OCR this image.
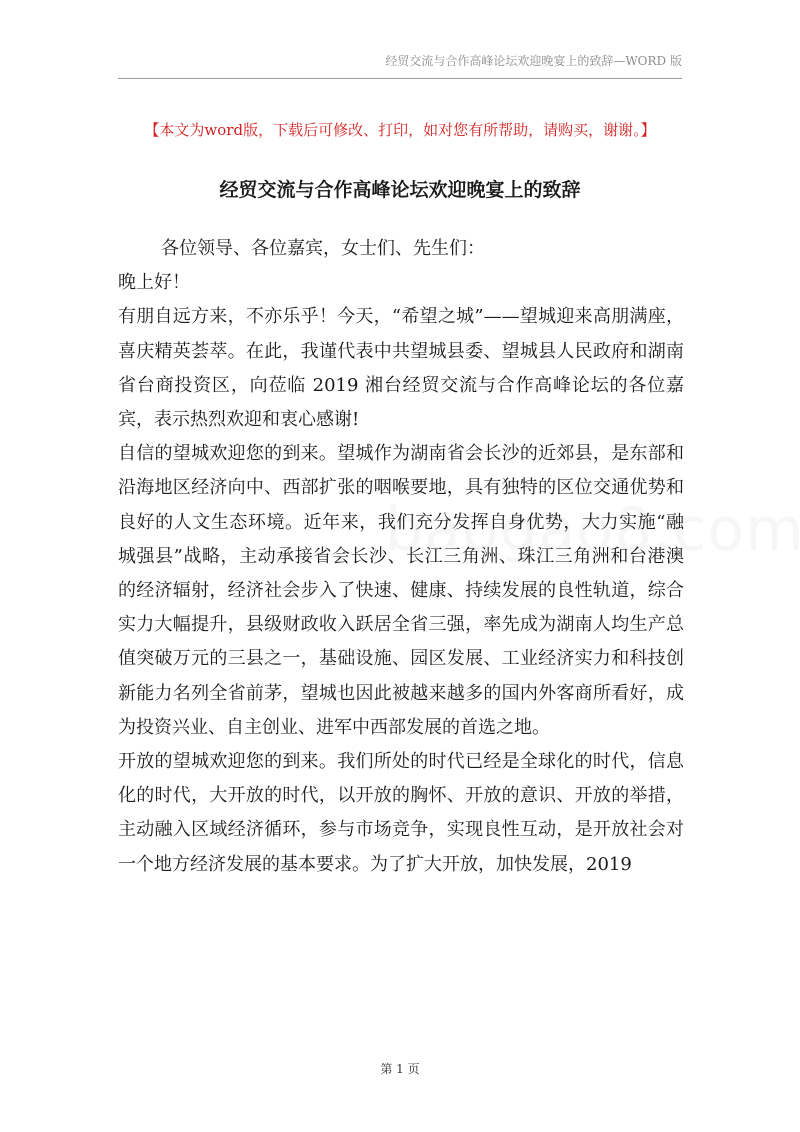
经贸交流与合作高峰论坛欢迎晚宴上的致辞—WORD 版
【本文为word版，下载后可修改、打印，如对您有所帮助，请购买，谢谢。】
经贸交流与合作高峰论坛欢迎晚宴上的致辞

各位领导、各位嘉宾，女士们、先生们：

晚上好！

有朋自远方来，不亦乐乎！今天，“希望之城”——望城迎来高朋满座，喜庆精英荟萃。在此，我谨代表中共望城县委、望城县人民政府和湖南省台商投资区，向莅临 2019 湘台经贸交流与合作高峰论坛的各位嘉宾，表示热烈欢迎和衷心感谢!

自信的望城欢迎您的到来。望城作为湖南省会长沙的近郊县，是东部和沿海地区经济向中、西部扩张的咽喉要地，具有独特的区位交通优势和良好的人文生态环境。近年来，我们充分发挥自身优势，大力实施“融城强县”战略，主动承接省会长沙、长江三角洲、珠江三角洲和台港澳的经济辐射，经济社会步入了快速、健康、持续发展的良性轨道，综合实力大幅提升，县级财政收入跃居全省三强，率先成为湖南人均生产总值突破万元的三县之一，基础设施、园区发展、工业经济实力和科技创新能力名列全省前茅，望城也因此被越来越多的国内外客商所看好，成为投资兴业、自主创业、进军中西部发展的首选之地。

开放的望城欢迎您的到来。我们所处的时代已经是全球化的时代，信息化的时代，大开放的时代，以开放的胸怀、开放的意识、开放的举措，主动融入区域经济循环，参与市场竞争，实现良性互动，是开放社会对一个地方经济发展的基本要求。为了扩大开放，加快发展，2019

第 1 页
